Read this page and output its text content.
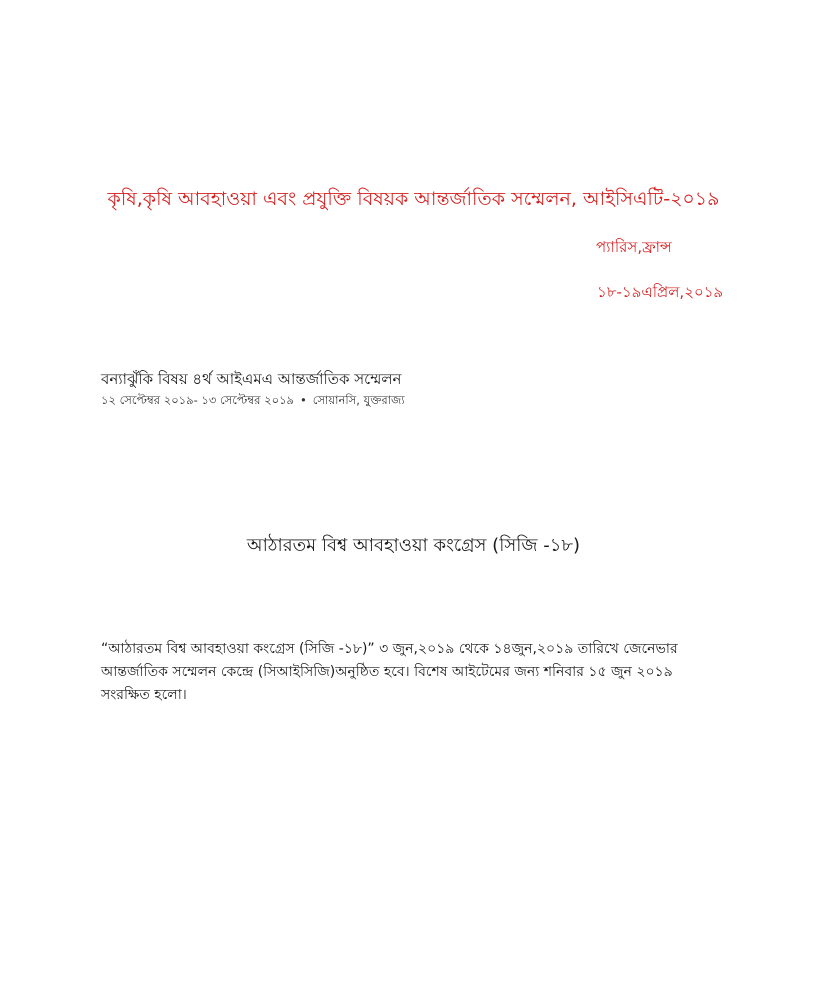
কৃষি,কৃষি আবহাওয়া এবং প্রযুক্তি বিষয়ক আন্তর্জাতিক সম্মেলন, আইসিএটি-২০১৯
প্যারিস,ফ্রান্স
১৮-১৯এপ্রিল,২০১৯
বন্যাঝুঁকি বিষয় ৪র্থ আইএমএ আন্তর্জাতিক সম্মেলন
১২ সেপ্টেম্বর ২০১৯- ১৩ সেপ্টেম্বর ২০১৯ • সোয়ানসি, যুক্তরাজ্য
আঠারতম বিশ্ব আবহাওয়া কংগ্রেস (সিজি -১৮)

“আঠারতম বিশ্ব আবহাওয়া কংগ্রেস (সিজি -১৮)” ৩ জুন,২০১৯ থেকে ১৪জুন,২০১৯ তারিখে জেনেভার

আন্তর্জাতিক সম্মেলন কেন্দ্রে (সিআইসিজি)অনুষ্ঠিত হবে। বিশেষ আইটেমের জন্য শনিবার ১৫ জুন ২০১৯

সংরক্ষিত হলো।
